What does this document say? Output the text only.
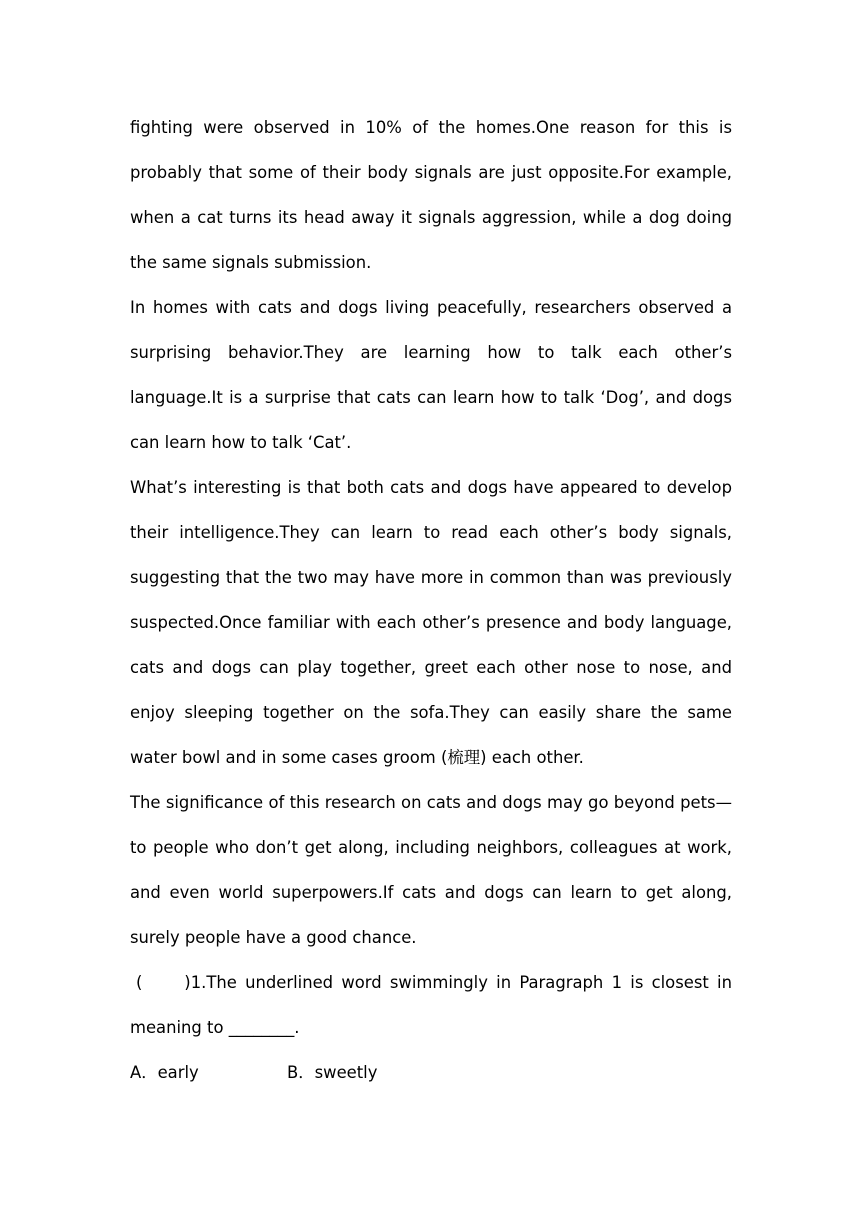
fighting were observed in 10% of the homes.One reason for this is probably that some of their body signals are just opposite.For example, when a cat turns its head away it signals aggression, while a dog doing the same signals submission.

In homes with cats and dogs living peacefully, researchers observed a surprising behavior.They are learning how to talk each other’s language.It is a surprise that cats can learn how to talk ‘Dog’, and dogs can learn how to talk ‘Cat’.

What’s interesting is that both cats and dogs have appeared to develop their intelligence.They can learn to read each other’s body signals, suggesting that the two may have more in common than was previously suspected.Once familiar with each other’s presence and body language, cats and dogs can play together, greet each other nose to nose, and enjoy sleeping together on the sofa.They can easily share the same water bowl and in some cases groom (梳理) each other.

The significance of this research on cats and dogs may go beyond pets—to people who don’t get along, including neighbors, colleagues at work, and even world superpowers.If cats and dogs can learn to get along, surely people have a good chance.

(　　)1.The underlined word swimmingly in Paragraph 1 is closest in meaning to ________.

A．early	B．sweetly
